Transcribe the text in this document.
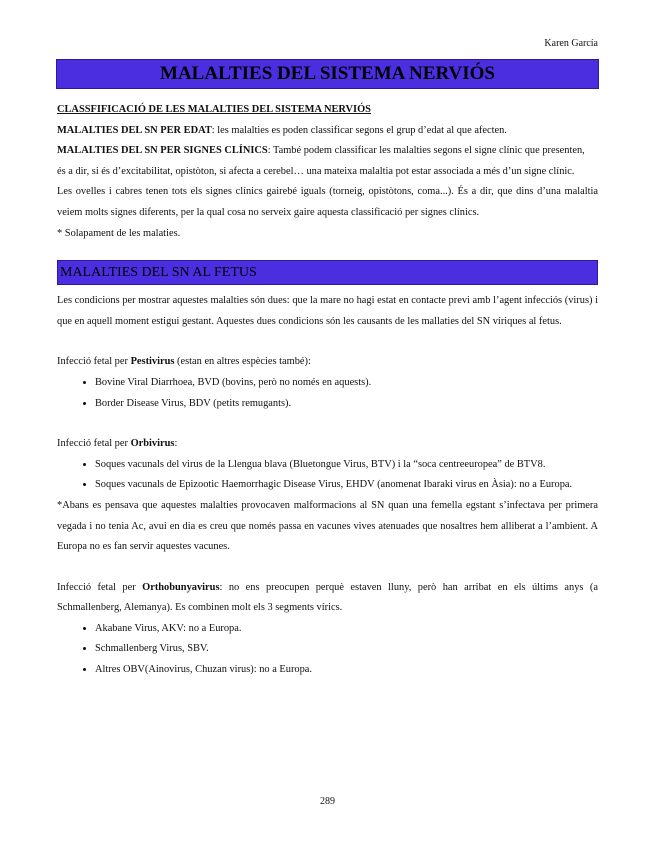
Karen García
MALALTIES DEL SISTEMA NERVIÓS

CLASSFIFICACIÓ DE LES MALALTIES DEL SISTEMA NERVIÓS

MALALTIES DEL SN PER EDAT: les malalties es poden classificar segons el grup d’edat al que afecten.

MALALTIES DEL SN PER SIGNES CLÍNICS: També podem classificar les malalties segons el signe clínic que presenten,

és a dir, si és d’excitabilitat, opistòton, si afecta a cerebel… una mateixa malaltia pot estar associada a més d’un signe clínic.

Les ovelles i cabres tenen tots els signes clínics gairebé iguals (torneig, opistòtons, coma...). És a dir, que dins d’una malaltia veiem molts signes diferents, per la qual cosa no serveix gaire aquesta classificació per signes clínics.

* Solapament de les malaties.

MALALTIES DEL SN AL FETUS

Les condicions per mostrar aquestes malalties són dues: que la mare no hagi estat en contacte previ amb l’agent infecciós (virus) i que en aquell moment estigui gestant. Aquestes dues condicions són les causants de les mallaties del SN víriques al fetus.

Infecció fetal per Pestivirus (estan en altres espècies també):

• Bovine Viral Diarrhoea, BVD (bovins, però no només en aquests).
• Border Disease Virus, BDV (petits remugants).

Infecció fetal per Orbivirus:

• Soques vacunals del virus de la Llengua blava (Bluetongue Virus, BTV) i la “soca centreeuropea” de BTV8.
• Soques vacunals de Epizootic Haemorrhagic Disease Virus, EHDV (anomenat Ibaraki virus en Àsia): no a Europa.

*Abans es pensava que aquestes malalties provocaven malformacions al SN quan una femella egstant s’infectava per primera vegada i no tenia Ac, avui en dia es creu que només passa en vacunes vives atenuades que nosaltres hem alliberat a l’ambient. A Europa no es fan servir aquestes vacunes.

Infecció fetal per Orthobunyavirus: no ens preocupen perquè estaven lluny, però han arribat en els últims anys (a Schmallenberg, Alemanya). Es combinen molt els 3 segments vírics.

• Akabane Virus, AKV: no a Europa.
• Schmallenberg Virus, SBV.
• Altres OBV(Ainovirus, Chuzan virus): no a Europa.
289
